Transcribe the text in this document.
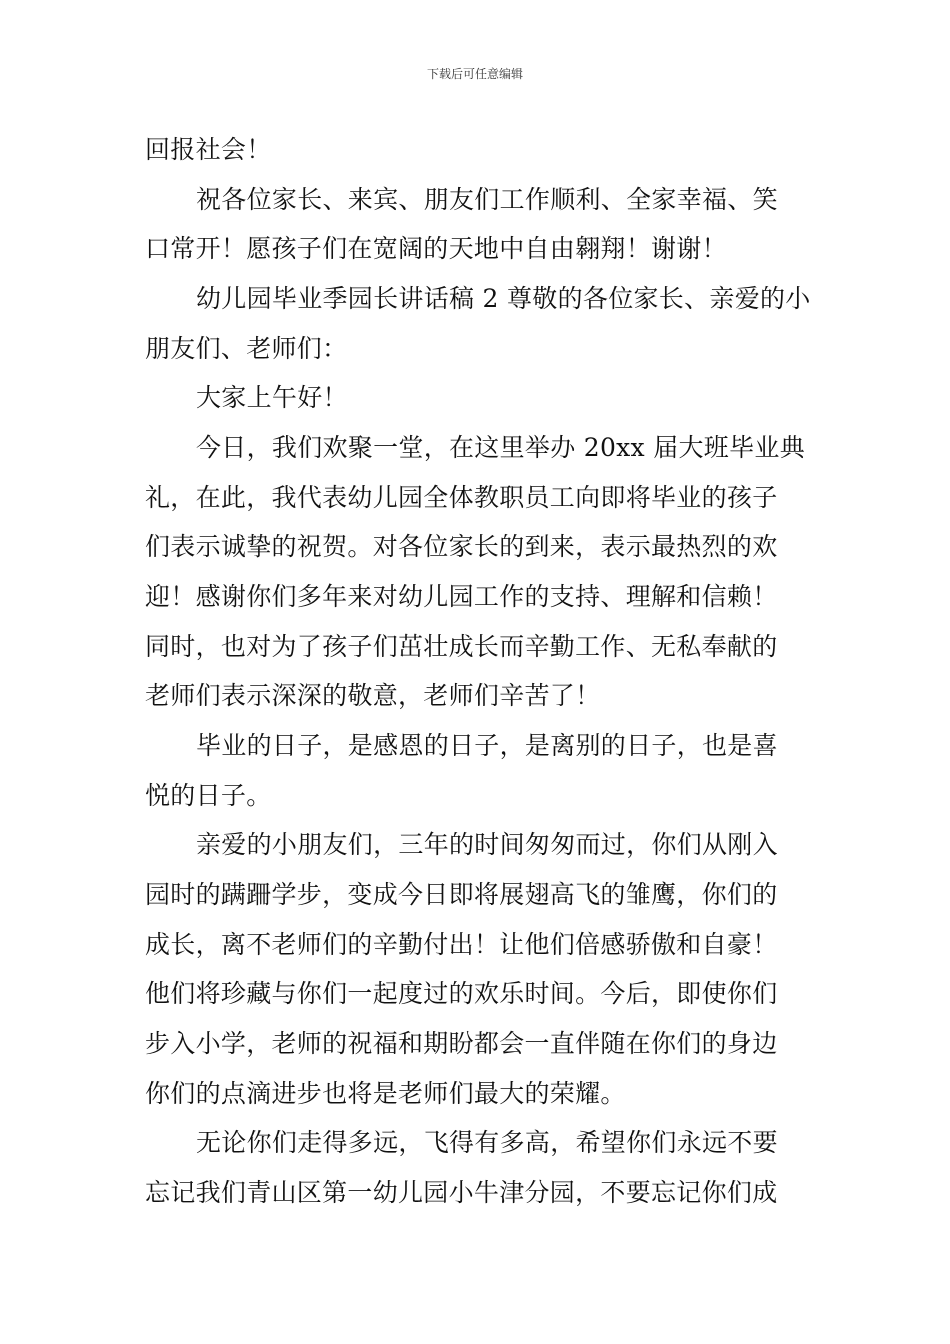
下载后可任意编辑
回报社会！
祝各位家长、来宾、朋友们工作顺利、全家幸福、笑
口常开！愿孩子们在宽阔的天地中自由翱翔！谢谢！
幼儿园毕业季园长讲话稿 2 尊敬的各位家长、亲爱的小
朋友们、老师们：
大家上午好！
今日，我们欢聚一堂，在这里举办 20xx 届大班毕业典
礼，在此，我代表幼儿园全体教职员工向即将毕业的孩子
们表示诚挚的祝贺。对各位家长的到来，表示最热烈的欢
迎！感谢你们多年来对幼儿园工作的支持、理解和信赖！
同时，也对为了孩子们茁壮成长而辛勤工作、无私奉献的
老师们表示深深的敬意，老师们辛苦了！
毕业的日子，是感恩的日子，是离别的日子，也是喜
悦的日子。
亲爱的小朋友们，三年的时间匆匆而过，你们从刚入
园时的蹒跚学步，变成今日即将展翅高飞的雏鹰，你们的
成长，离不老师们的辛勤付出！让他们倍感骄傲和自豪！
他们将珍藏与你们一起度过的欢乐时间。今后，即使你们
步入小学，老师的祝福和期盼都会一直伴随在你们的身边
你们的点滴进步也将是老师们最大的荣耀。
无论你们走得多远，飞得有多高，希望你们永远不要
忘记我们青山区第一幼儿园小牛津分园，不要忘记你们成
